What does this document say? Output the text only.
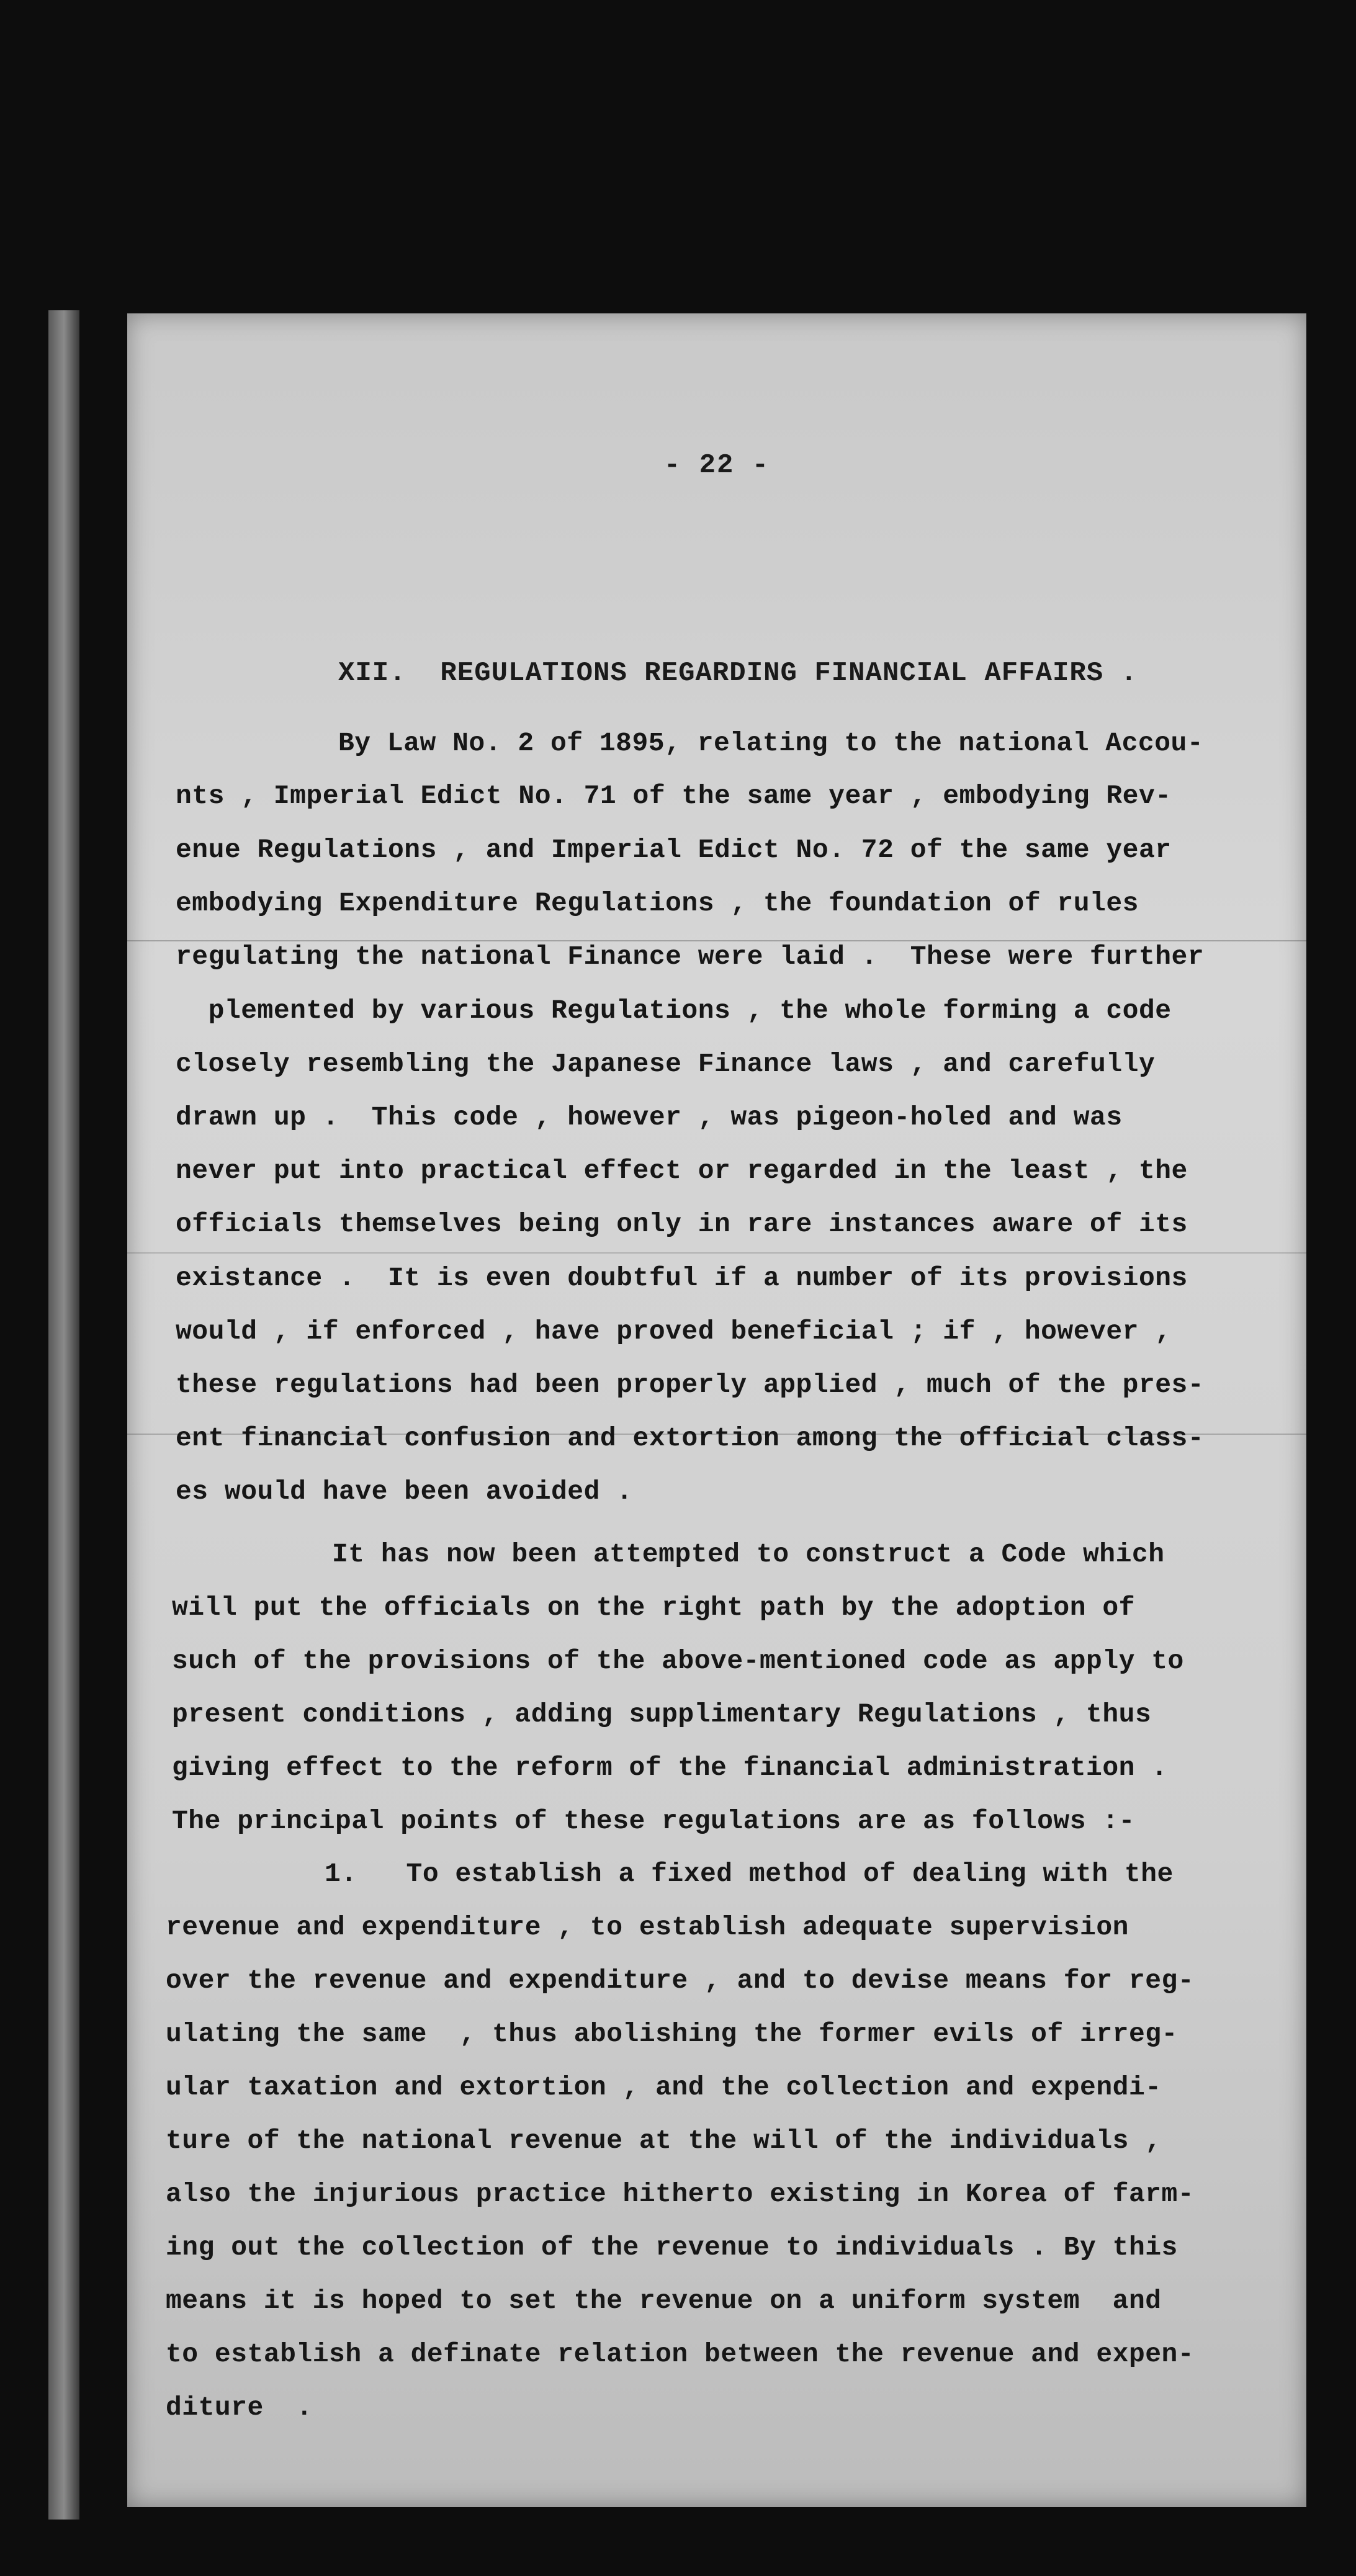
- 22 -
XII.  REGULATIONS REGARDING FINANCIAL AFFAIRS .
By Law No. 2 of 1895, relating to the national Accou-
nts , Imperial Edict No. 71 of the same year , embodying Rev-
enue Regulations , and Imperial Edict No. 72 of the same year
embodying Expenditure Regulations , the foundation of rules
regulating the national Finance were laid .  These were further
plemented by various Regulations , the whole forming a code
closely resembling the Japanese Finance laws , and carefully
drawn up .  This code , however , was pigeon-holed and was
never put into practical effect or regarded in the least , the
officials themselves being only in rare instances aware of its
existance .  It is even doubtful if a number of its provisions
would , if enforced , have proved beneficial ; if , however ,
these regulations had been properly applied , much of the pres-
ent financial confusion and extortion among the official class-
es would have been avoided .
It has now been attempted to construct a Code which
will put the officials on the right path by the adoption of
such of the provisions of the above-mentioned code as apply to
present conditions , adding supplimentary Regulations , thus
giving effect to the reform of the financial administration .
The principal points of these regulations are as follows :-
1.   To establish a fixed method of dealing with the
revenue and expenditure , to establish adequate supervision
over the revenue and expenditure , and to devise means for reg-
ulating the same  , thus abolishing the former evils of irreg-
ular taxation and extortion , and the collection and expendi-
ture of the national revenue at the will of the individuals ,
also the injurious practice hitherto existing in Korea of farm-
ing out the collection of the revenue to individuals . By this
means it is hoped to set the revenue on a uniform system  and
to establish a definate relation between the revenue and expen-
diture  .
